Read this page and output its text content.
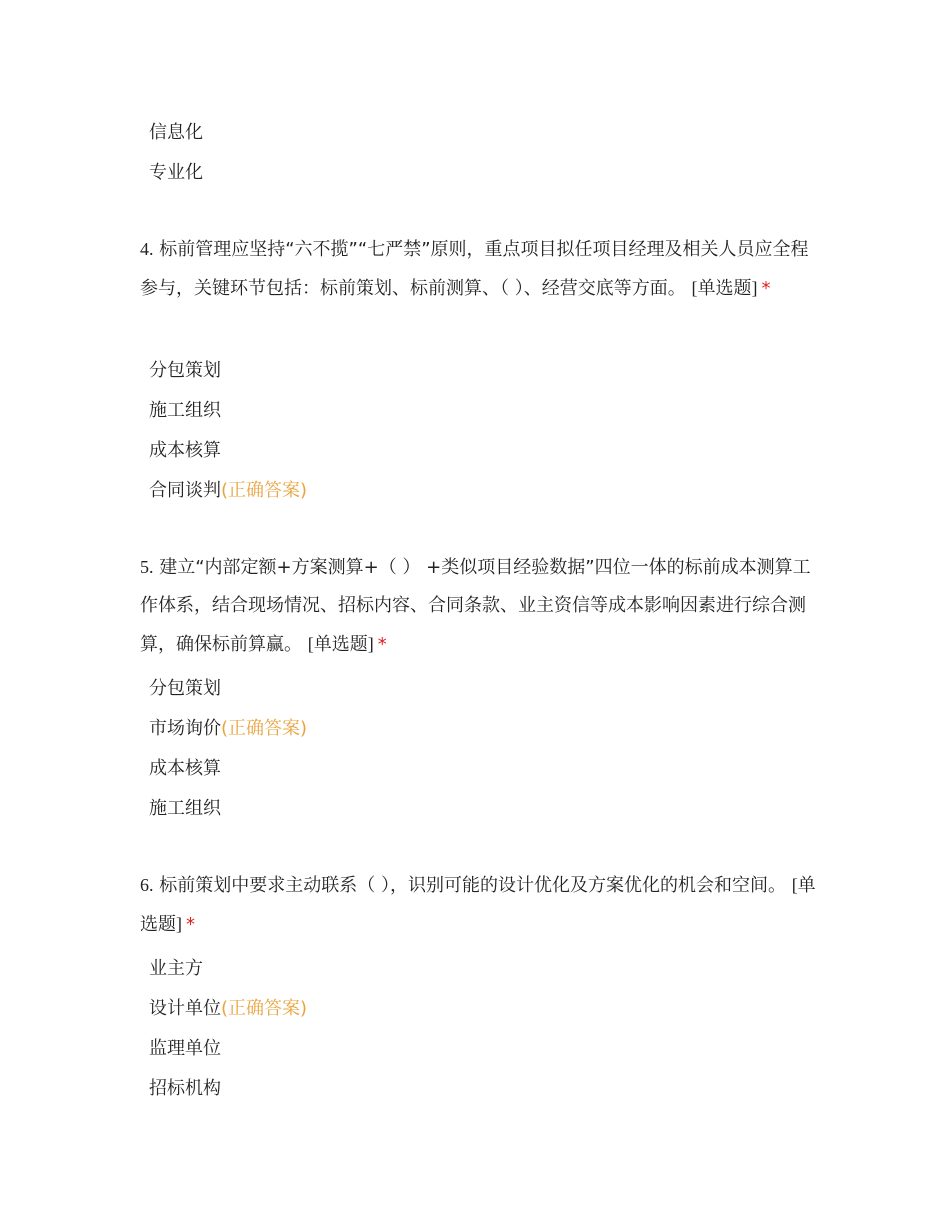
信息化
专业化
4. 标前管理应坚持“六不揽”“七严禁”原则，重点项目拟任项目经理及相关人员应全程参与，关键环节包括：标前策划、标前测算、（ ）、经营交底等方面。 [单选题] *
分包策划
施工组织
成本核算
合同谈判(正确答案)
5. 建立“内部定额+方案测算+（ ） +类似项目经验数据”四位一体的标前成本测算工作体系，结合现场情况、招标内容、合同条款、业主资信等成本影响因素进行综合测算，确保标前算赢。 [单选题] *
分包策划
市场询价(正确答案)
成本核算
施工组织
6. 标前策划中要求主动联系（ ），识别可能的设计优化及方案优化的机会和空间。 [单选题] *
业主方
设计单位(正确答案)
监理单位
招标机构
